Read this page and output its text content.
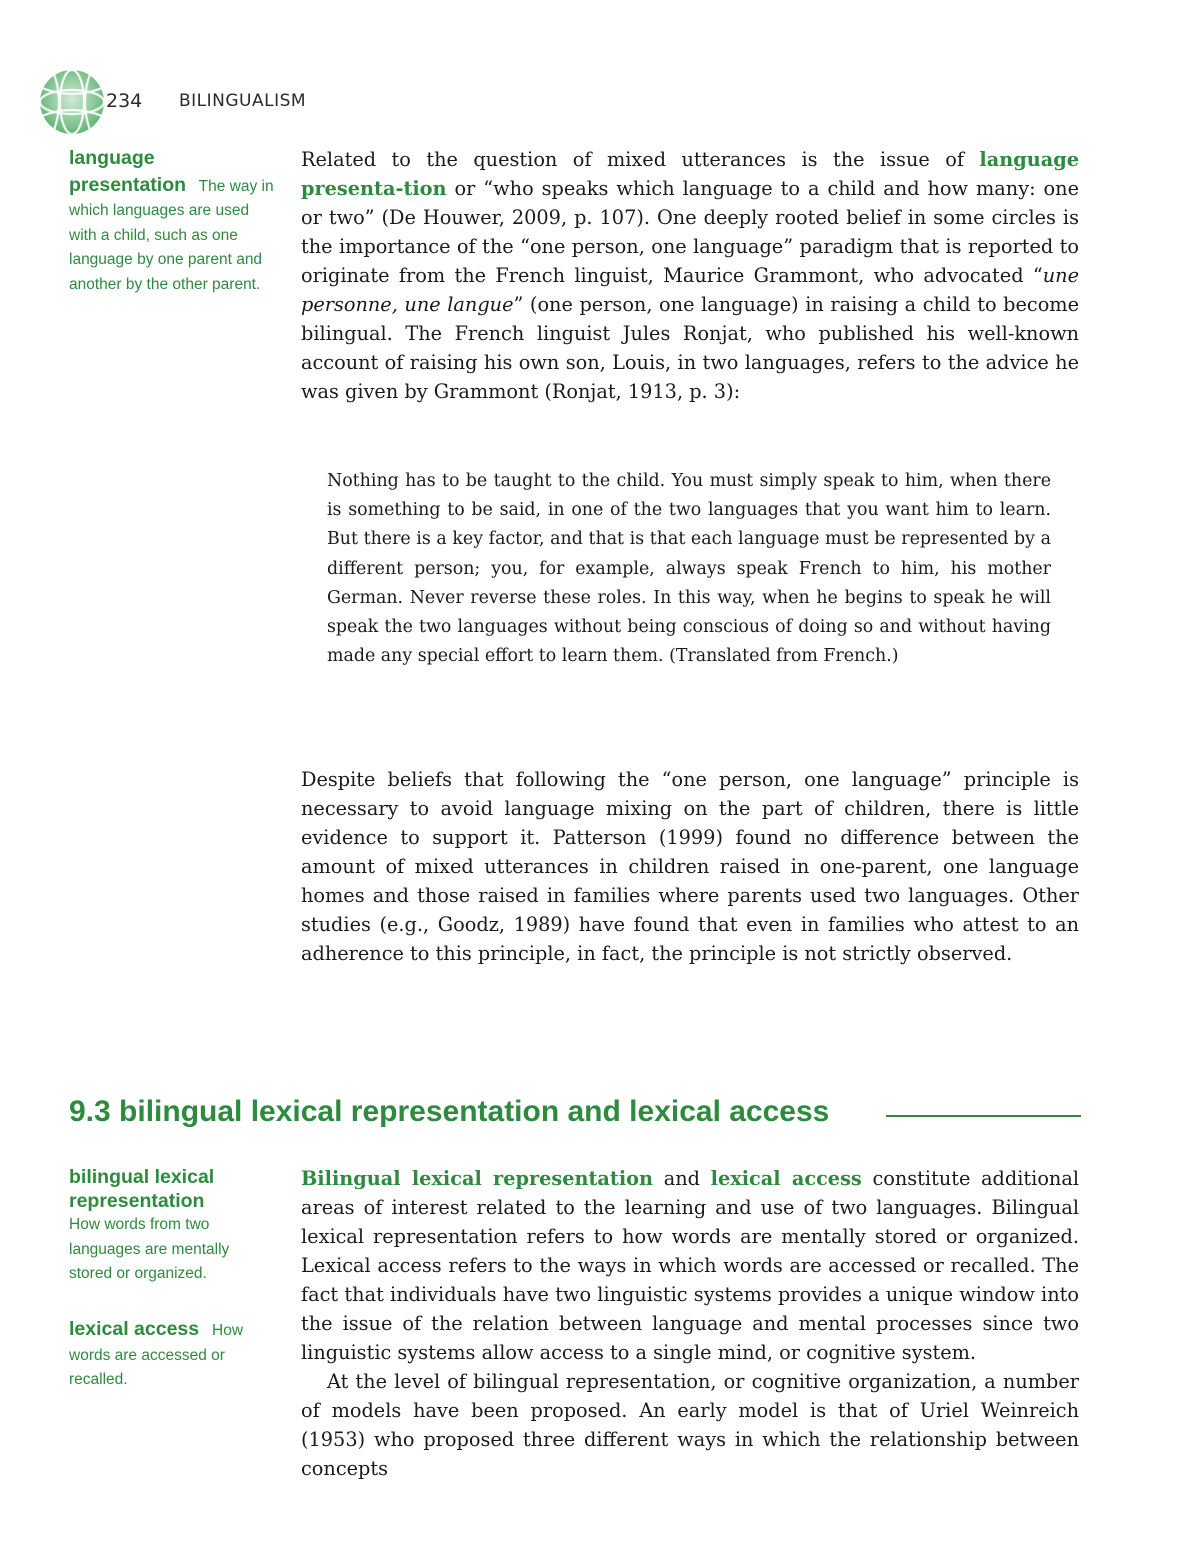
234 BILINGUALISM
language presentation The way in which languages are used with a child, such as one language by one parent and another by the other parent.

Related to the question of mixed utterances is the issue of language presenta-tion or “who speaks which language to a child and how many: one or two” (De Houwer, 2009, p. 107). One deeply rooted belief in some circles is the importance of the “one person, one language” paradigm that is reported to originate from the French linguist, Maurice Grammont, who advocated “une personne, une langue” (one person, one language) in raising a child to become bilingual. The French linguist Jules Ronjat, who published his well-known account of raising his own son, Louis, in two languages, refers to the advice he was given by Grammont (Ronjat, 1913, p. 3):

Nothing has to be taught to the child. You must simply speak to him, when there is something to be said, in one of the two languages that you want him to learn. But there is a key factor, and that is that each language must be represented by a different person; you, for example, always speak French to him, his mother German. Never reverse these roles. In this way, when he begins to speak he will speak the two languages without being conscious of doing so and without having made any special effort to learn them. (Translated from French.)

Despite beliefs that following the “one person, one language” principle is necessary to avoid language mixing on the part of children, there is little evidence to support it. Patterson (1999) found no difference between the amount of mixed utterances in children raised in one-parent, one language homes and those raised in families where parents used two languages. Other studies (e.g., Goodz, 1989) have found that even in families who attest to an adherence to this principle, in fact, the principle is not strictly observed.

9.3 bilingual lexical representation and lexical access
bilingual lexical representation
How words from two languages are mentally stored or organized.
lexical access How words are accessed or recalled.

Bilingual lexical representation and lexical access constitute additional areas of interest related to the learning and use of two languages. Bilingual lexical representation refers to how words are mentally stored or organized. Lexical access refers to the ways in which words are accessed or recalled. The fact that individuals have two linguistic systems provides a unique window into the issue of the relation between language and mental processes since two linguistic systems allow access to a single mind, or cognitive system.

At the level of bilingual representation, or cognitive organization, a number of models have been proposed. An early model is that of Uriel Weinreich (1953) who proposed three different ways in which the relationship between concepts
